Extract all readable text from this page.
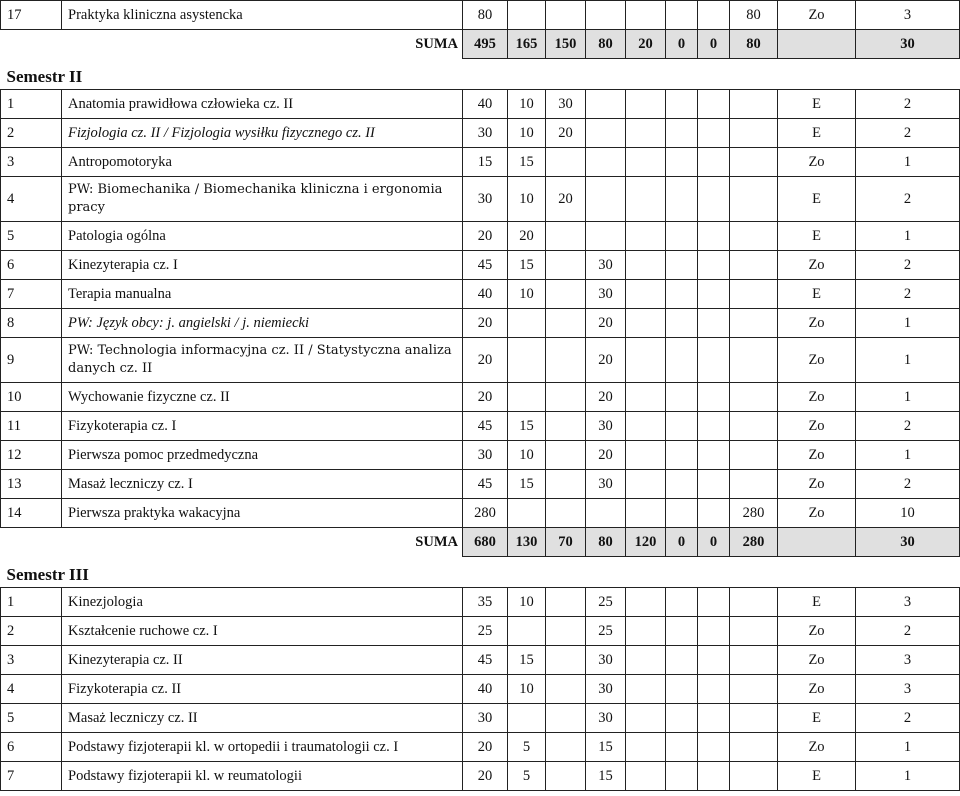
17	Praktyka kliniczna asystencka	80							80	Zo	3
	SUMA	495	165	150	80	20	0	0	80		30
Semestr II											
1	Anatomia prawidłowa człowieka cz. II	40	10	30						E	2
2	Fizjologia cz. II / Fizjologia wysiłku fizycznego cz. II	30	10	20						E	2
3	Antropomotoryka	15	15							Zo	1
4	PW: Biomechanika / Biomechanika kliniczna i ergonomia pracy	30	10	20						E	2
5	Patologia ogólna	20	20							E	1
6	Kinezyterapia cz. I	45	15		30					Zo	2
7	Terapia manualna	40	10		30					E	2
8	PW: Język obcy: j. angielski / j. niemiecki	20			20					Zo	1
9	PW: Technologia informacyjna cz. II / Statystyczna analiza danych cz. II	20			20					Zo	1
10	Wychowanie fizyczne cz. II	20			20					Zo	1
11	Fizykoterapia cz. I	45	15		30					Zo	2
12	Pierwsza pomoc przedmedyczna	30	10		20					Zo	1
13	Masaż leczniczy cz. I	45	15		30					Zo	2
14	Pierwsza praktyka wakacyjna	280							280	Zo	10
	SUMA	680	130	70	80	120	0	0	280		30
Semestr III											
1	Kinezjologia	35	10		25					E	3
2	Kształcenie ruchowe cz. I	25			25					Zo	2
3	Kinezyterapia cz. II	45	15		30					Zo	3
4	Fizykoterapia cz. II	40	10		30					Zo	3
5	Masaż leczniczy cz. II	30			30					E	2
6	Podstawy fizjoterapii kl. w ortopedii i traumatologii cz. I	20	5		15					Zo	1
7	Podstawy fizjoterapii kl. w reumatologii	20	5		15					E	1
